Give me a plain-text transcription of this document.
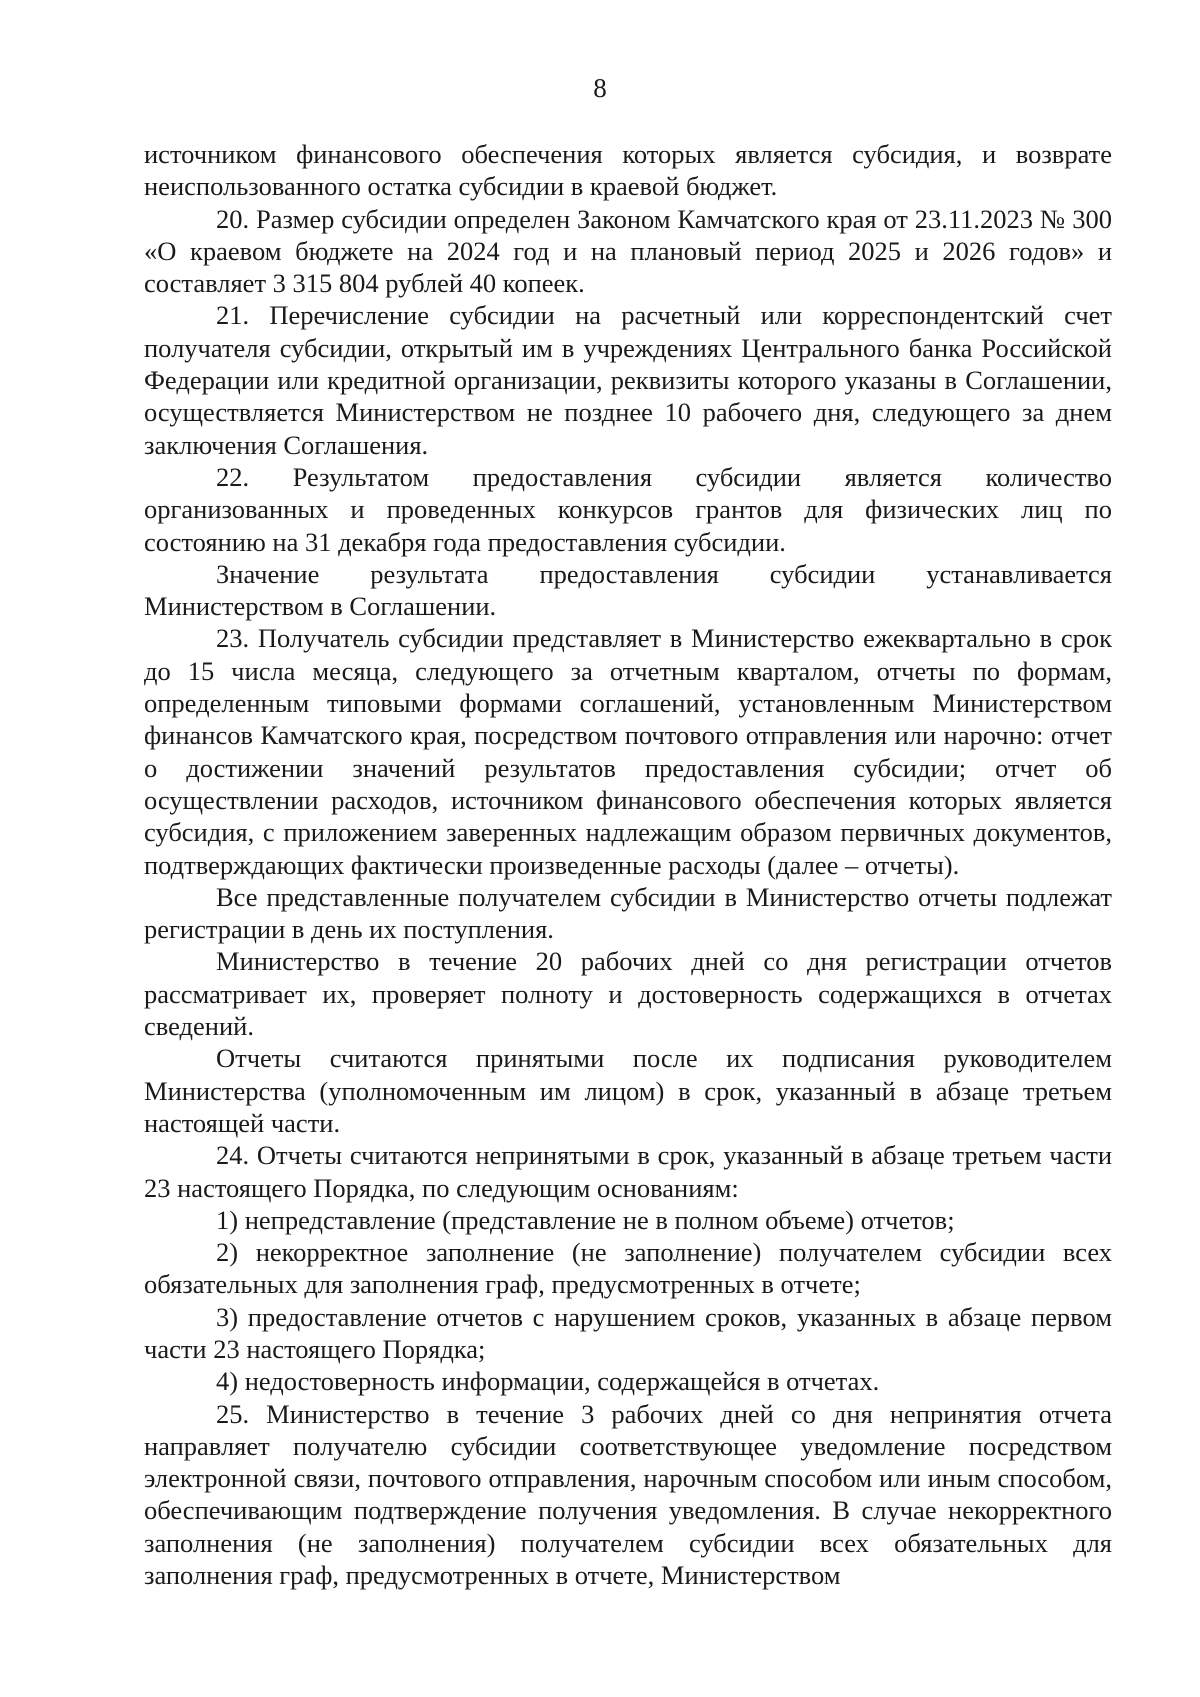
8

источником финансового обеспечения которых является субсидия, и возврате неиспользованного остатка субсидии в краевой бюджет.

20. Размер субсидии определен Законом Камчатского края от 23.11.2023 № 300 «О краевом бюджете на 2024 год и на плановый период 2025 и 2026 годов» и составляет 3 315 804 рублей 40 копеек.

21. Перечисление субсидии на расчетный или корреспондентский счет получателя субсидии, открытый им в учреждениях Центрального банка Российской Федерации или кредитной организации, реквизиты которого указаны в Соглашении, осуществляется Министерством не позднее 10 рабочего дня, следующего за днем заключения Соглашения.

22. Результатом предоставления субсидии является количество организованных и проведенных конкурсов грантов для физических лиц по состоянию на 31 декабря года предоставления субсидии.

Значение результата предоставления субсидии устанавливается Министерством в Соглашении.

23. Получатель субсидии представляет в Министерство ежеквартально в срок до 15 числа месяца, следующего за отчетным кварталом, отчеты по формам, определенным типовыми формами соглашений, установленным Министерством финансов Камчатского края, посредством почтового отправления или нарочно: отчет о достижении значений результатов предоставления субсидии; отчет об осуществлении расходов, источником финансового обеспечения которых является субсидия, с приложением заверенных надлежащим образом первичных документов, подтверждающих фактически произведенные расходы (далее – отчеты).

Все представленные получателем субсидии в Министерство отчеты подлежат регистрации в день их поступления.

Министерство в течение 20 рабочих дней со дня регистрации отчетов рассматривает их, проверяет полноту и достоверность содержащихся в отчетах сведений.

Отчеты считаются принятыми после их подписания руководителем Министерства (уполномоченным им лицом) в срок, указанный в абзаце третьем настоящей части.

24. Отчеты считаются непринятыми в срок, указанный в абзаце третьем части 23 настоящего Порядка, по следующим основаниям:

1) непредставление (представление не в полном объеме) отчетов;

2) некорректное заполнение (не заполнение) получателем субсидии всех обязательных для заполнения граф, предусмотренных в отчете;

3) предоставление отчетов с нарушением сроков, указанных в абзаце первом части 23 настоящего Порядка;

4) недостоверность информации, содержащейся в отчетах.

25. Министерство в течение 3 рабочих дней со дня непринятия отчета направляет получателю субсидии соответствующее уведомление посредством электронной связи, почтового отправления, нарочным способом или иным способом, обеспечивающим подтверждение получения уведомления. В случае некорректного заполнения (не заполнения) получателем субсидии всех обязательных для заполнения граф, предусмотренных в отчете, Министерством
